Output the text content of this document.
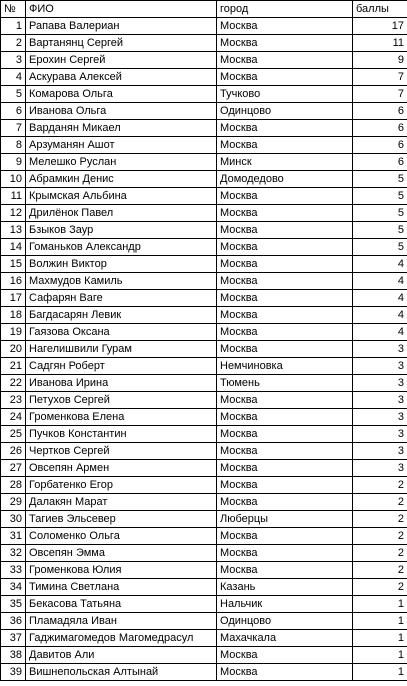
№	ФИО	город	баллы
1	Рапава Валериан	Москва	17
2	Вартанянц Сергей	Москва	11
3	Ерохин Сергей	Москва	9
4	Аскурава Алексей	Москва	7
5	Комарова Ольга	Тучково	7
6	Иванова Ольга	Одинцово	6
7	Варданян Микаел	Москва	6
8	Арзуманян Ашот	Москва	6
9	Мелешко Руслан	Минск	6
10	Абрамкин Денис	Домодедово	5
11	Крымская Альбина	Москва	5
12	Дрилёнок Павел	Москва	5
13	Бзыков Заур	Москва	5
14	Гоманьков Александр	Москва	5
15	Волжин Виктор	Москва	4
16	Махмудов Камиль	Москва	4
17	Сафарян Ваге	Москва	4
18	Багдасарян Левик	Москва	4
19	Гаязова Оксана	Москва	4
20	Нагелишвили Гурам	Москва	3
21	Садгян Роберт	Немчиновка	3
22	Иванова Ирина	Тюмень	3
23	Петухов Сергей	Москва	3
24	Громенкова Елена	Москва	3
25	Пучков Константин	Москва	3
26	Чертков Сергей	Москва	3
27	Овсепян Армен	Москва	3
28	Горбатенко Егор	Москва	2
29	Далакян Марат	Москва	2
30	Тагиев Эльсевер	Люберцы	2
31	Соломенко Ольга	Москва	2
32	Овсепян Эмма	Москва	2
33	Громенкова Юлия	Москва	2
34	Тимина Светлана	Казань	2
35	Бекасова Татьяна	Нальчик	1
36	Пламадяла Иван	Одинцово	1
37	Гаджимагомедов Магомедрасул	Махачкала	1
38	Давитов Али	Москва	1
39	Вишнепольская Алтынай	Москва	1
